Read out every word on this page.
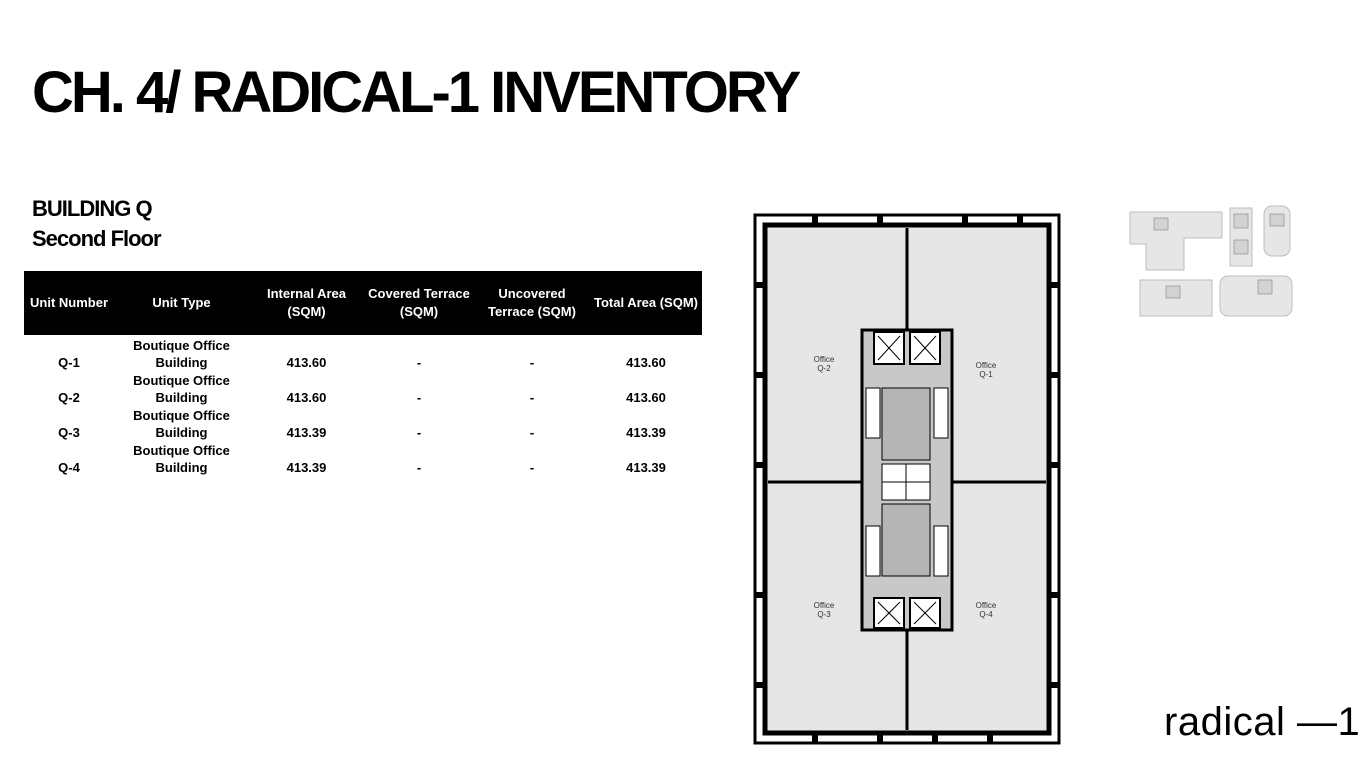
CH. 4/ RADICAL-1 INVENTORY
BUILDING Q
Second Floor
Unit Number	Unit Type	Internal Area (SQM)	Covered Terrace (SQM)	Uncovered Terrace (SQM)	Total Area (SQM)
Q-1	Boutique Office Building	413.60	-	-	413.60
Q-2	Boutique Office Building	413.60	-	-	413.60
Q-3	Boutique Office Building	413.39	-	-	413.39
Q-4	Boutique Office Building	413.39	-	-	413.39
Office
Q-2	Office
Q-1
Office
Q-3
Office
Q-4
radical —1
